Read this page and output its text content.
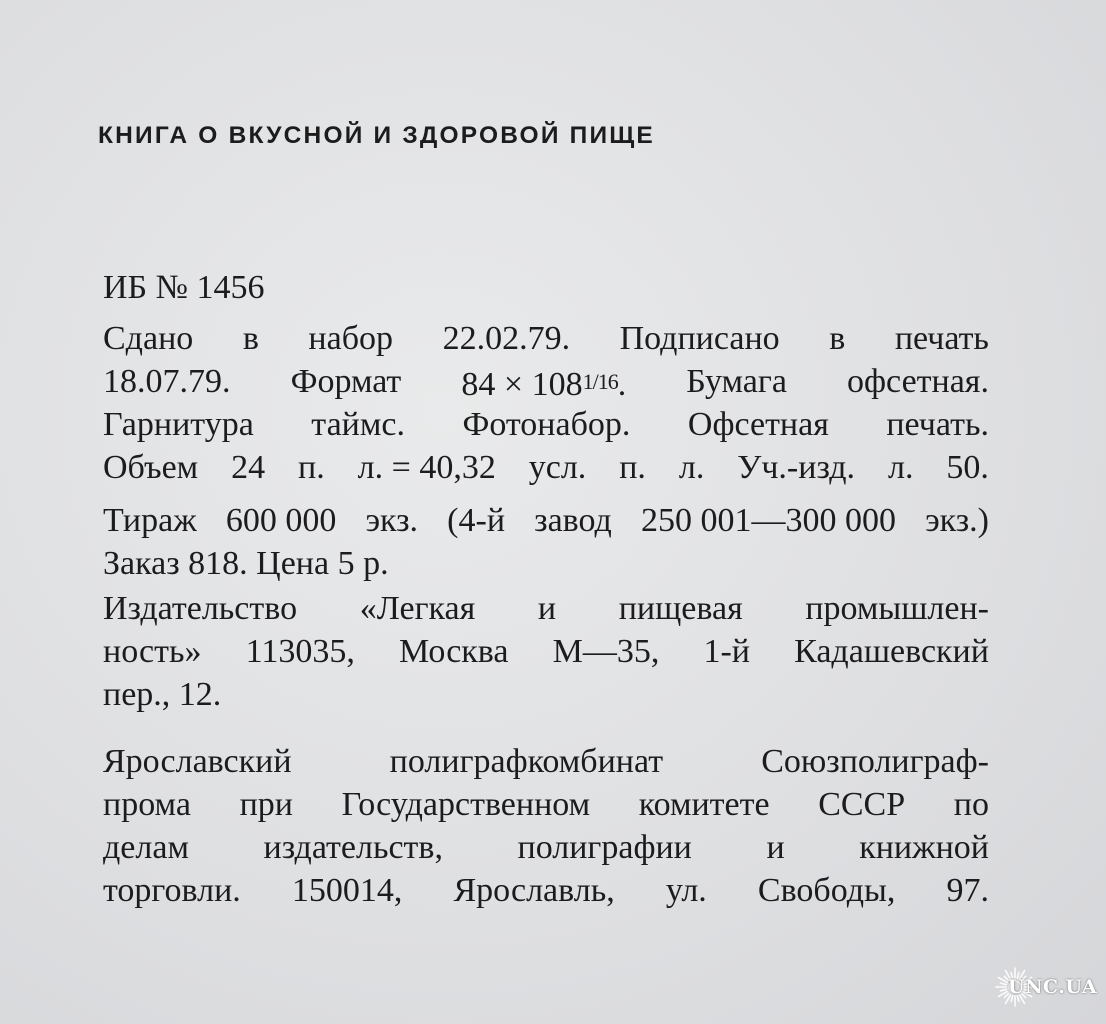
КНИГА О ВКУСНОЙ И ЗДОРОВОЙ ПИЩЕ
ИБ № 1456
Сдано в набор 22.02.79. Подписано в печать
18.07.79. Формат 84 × 1081/16. Бумага офсетная.
Гарнитура таймс. Фотонабор. Офсетная печать.
Объем 24 п. л. = 40,32 усл. п. л. Уч.-изд. л. 50.
Тираж 600 000 экз. (4-й завод 250 001—300 000 экз.)
Заказ 818. Цена 5 р.
Издательство «Легкая и пищевая промышлен-
ность» 113035, Москва М—35, 1-й Кадашевский
пер., 12.
Ярославский	полиграфкомбинат	Союзполиграф-
прома при Государственном комитете СССР по
делам издательств, полиграфии и книжной
торговли. 150014, Ярославль, ул. Свободы, 97.
UNC.UA
